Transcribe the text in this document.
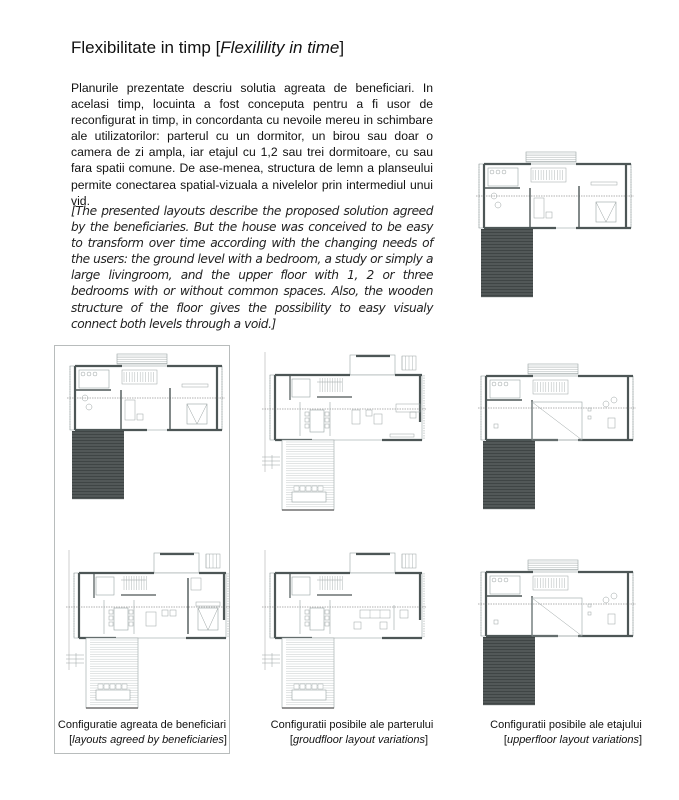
Flexibilitate in timp [Flexilility in time]
Planurile prezentate descriu solutia agreata de beneficiari. In acelasi timp, locuinta a fost conceputa pentru a fi usor de reconfigurat in timp, in concordanta cu nevoile mereu in schimbare ale utilizatorilor: parterul cu un dormitor, un birou sau doar o camera de zi ampla, iar etajul cu 1,2 sau trei dormitoare, cu sau fara spatii comune. De ase-menea, structura de lemn a planseului permite conectarea spatial-vizuala a nivelelor prin intermediul unui vid.
[The presented layouts describe the proposed solution agreed by the beneficiaries. But the house was conceived to be easy to transform over time according with the changing needs of the users: the ground level with a bedroom, a study or simply a large livingroom, and the upper floor with 1, 2 or three bedrooms with or without common spaces. Also, the wooden structure of the floor gives the possibility to easy visualy connect both levels through a void.]
Configuratie agreata de beneficiari
[layouts agreed by beneficiaries]
Configuratii posibile ale parterului
[groudfloor layout variations]
Configuratii posibile ale etajului
[upperfloor layout variations]
